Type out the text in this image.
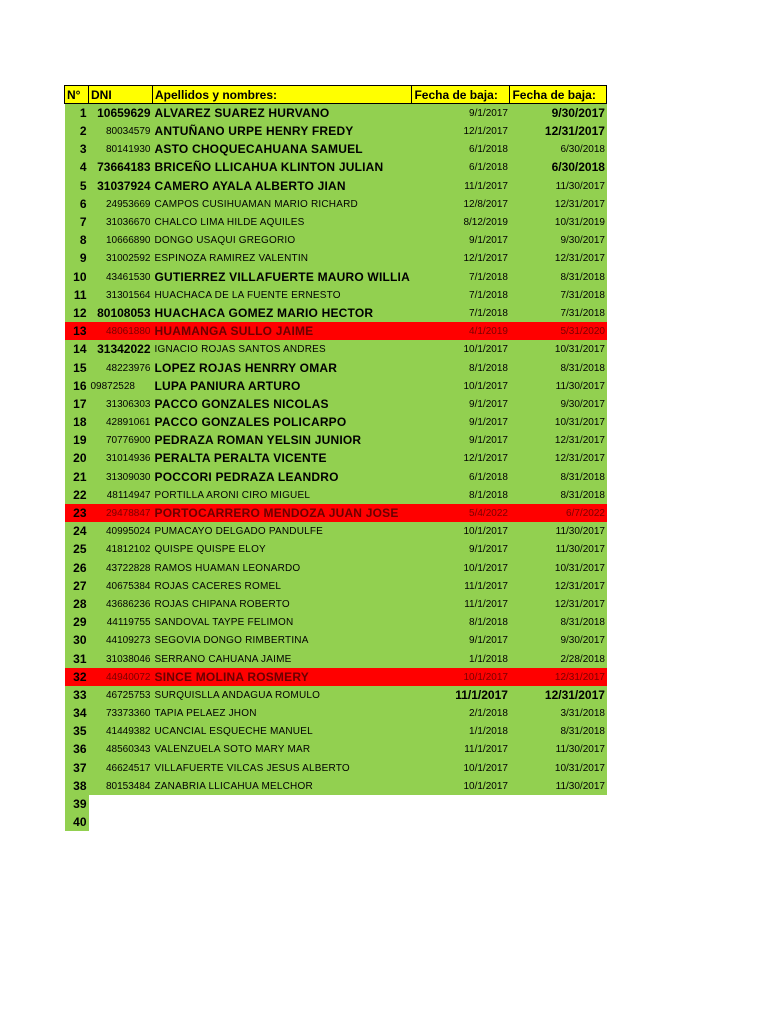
N°	DNI	Apellidos y nombres:	Fecha de baja:	Fecha de baja:
1	10659629	ALVAREZ SUAREZ HURVANO	9/1/2017	9/30/2017
2	80034579	ANTUÑANO URPE HENRY FREDY	12/1/2017	12/31/2017
3	80141930	ASTO CHOQUECAHUANA SAMUEL	6/1/2018	6/30/2018
4	73664183	BRICEÑO LLICAHUA KLINTON JULIAN	6/1/2018	6/30/2018
5	31037924	CAMERO AYALA ALBERTO JIAN	11/1/2017	11/30/2017
6	24953669	CAMPOS CUSIHUAMAN MARIO RICHARD	12/8/2017	12/31/2017
7	31036670	CHALCO LIMA HILDE AQUILES	8/12/2019	10/31/2019
8	10666890	DONGO USAQUI GREGORIO	9/1/2017	9/30/2017
9	31002592	ESPINOZA RAMIREZ VALENTIN	12/1/2017	12/31/2017
10	43461530	GUTIERREZ VILLAFUERTE MAURO WILLIA	7/1/2018	8/31/2018
11	31301564	HUACHACA DE LA FUENTE ERNESTO	7/1/2018	7/31/2018
12	80108053	HUACHACA GOMEZ MARIO HECTOR	7/1/2018	7/31/2018
13	48061880	HUAMANGA SULLO JAIME	4/1/2019	5/31/2020
14	31342022	IGNACIO ROJAS SANTOS ANDRES	10/1/2017	10/31/2017
15	48223976	LOPEZ ROJAS HENRRY OMAR	8/1/2018	8/31/2018
16	09872528	LUPA PANIURA ARTURO	10/1/2017	11/30/2017
17	31306303	PACCO GONZALES NICOLAS	9/1/2017	9/30/2017
18	42891061	PACCO GONZALES POLICARPO	9/1/2017	10/31/2017
19	70776900	PEDRAZA ROMAN YELSIN JUNIOR	9/1/2017	12/31/2017
20	31014936	PERALTA PERALTA VICENTE	12/1/2017	12/31/2017
21	31309030	POCCORI PEDRAZA LEANDRO	6/1/2018	8/31/2018
22	48114947	PORTILLA ARONI CIRO MIGUEL	8/1/2018	8/31/2018
23	29478847	PORTOCARRERO MENDOZA JUAN JOSE	5/4/2022	6/7/2022
24	40995024	PUMACAYO DELGADO PANDULFE	10/1/2017	11/30/2017
25	41812102	QUISPE QUISPE ELOY	9/1/2017	11/30/2017
26	43722828	RAMOS HUAMAN LEONARDO	10/1/2017	10/31/2017
27	40675384	ROJAS CACERES ROMEL	11/1/2017	12/31/2017
28	43686236	ROJAS CHIPANA ROBERTO	11/1/2017	12/31/2017
29	44119755	SANDOVAL TAYPE FELIMON	8/1/2018	8/31/2018
30	44109273	SEGOVIA DONGO RIMBERTINA	9/1/2017	9/30/2017
31	31038046	SERRANO CAHUANA JAIME	1/1/2018	2/28/2018
32	44940072	SINCE MOLINA ROSMERY	10/1/2017	12/31/2017
33	46725753	SURQUISLLA ANDAGUA ROMULO	11/1/2017	12/31/2017
34	73373360	TAPIA PELAEZ JHON	2/1/2018	3/31/2018
35	41449382	UCANCIAL ESQUECHE MANUEL	1/1/2018	8/31/2018
36	48560343	VALENZUELA SOTO MARY MAR	11/1/2017	11/30/2017
37	46624517	VILLAFUERTE VILCAS JESUS ALBERTO	10/1/2017	10/31/2017
38	80153484	ZANABRIA LLICAHUA MELCHOR	10/1/2017	11/30/2017
39				
40				
